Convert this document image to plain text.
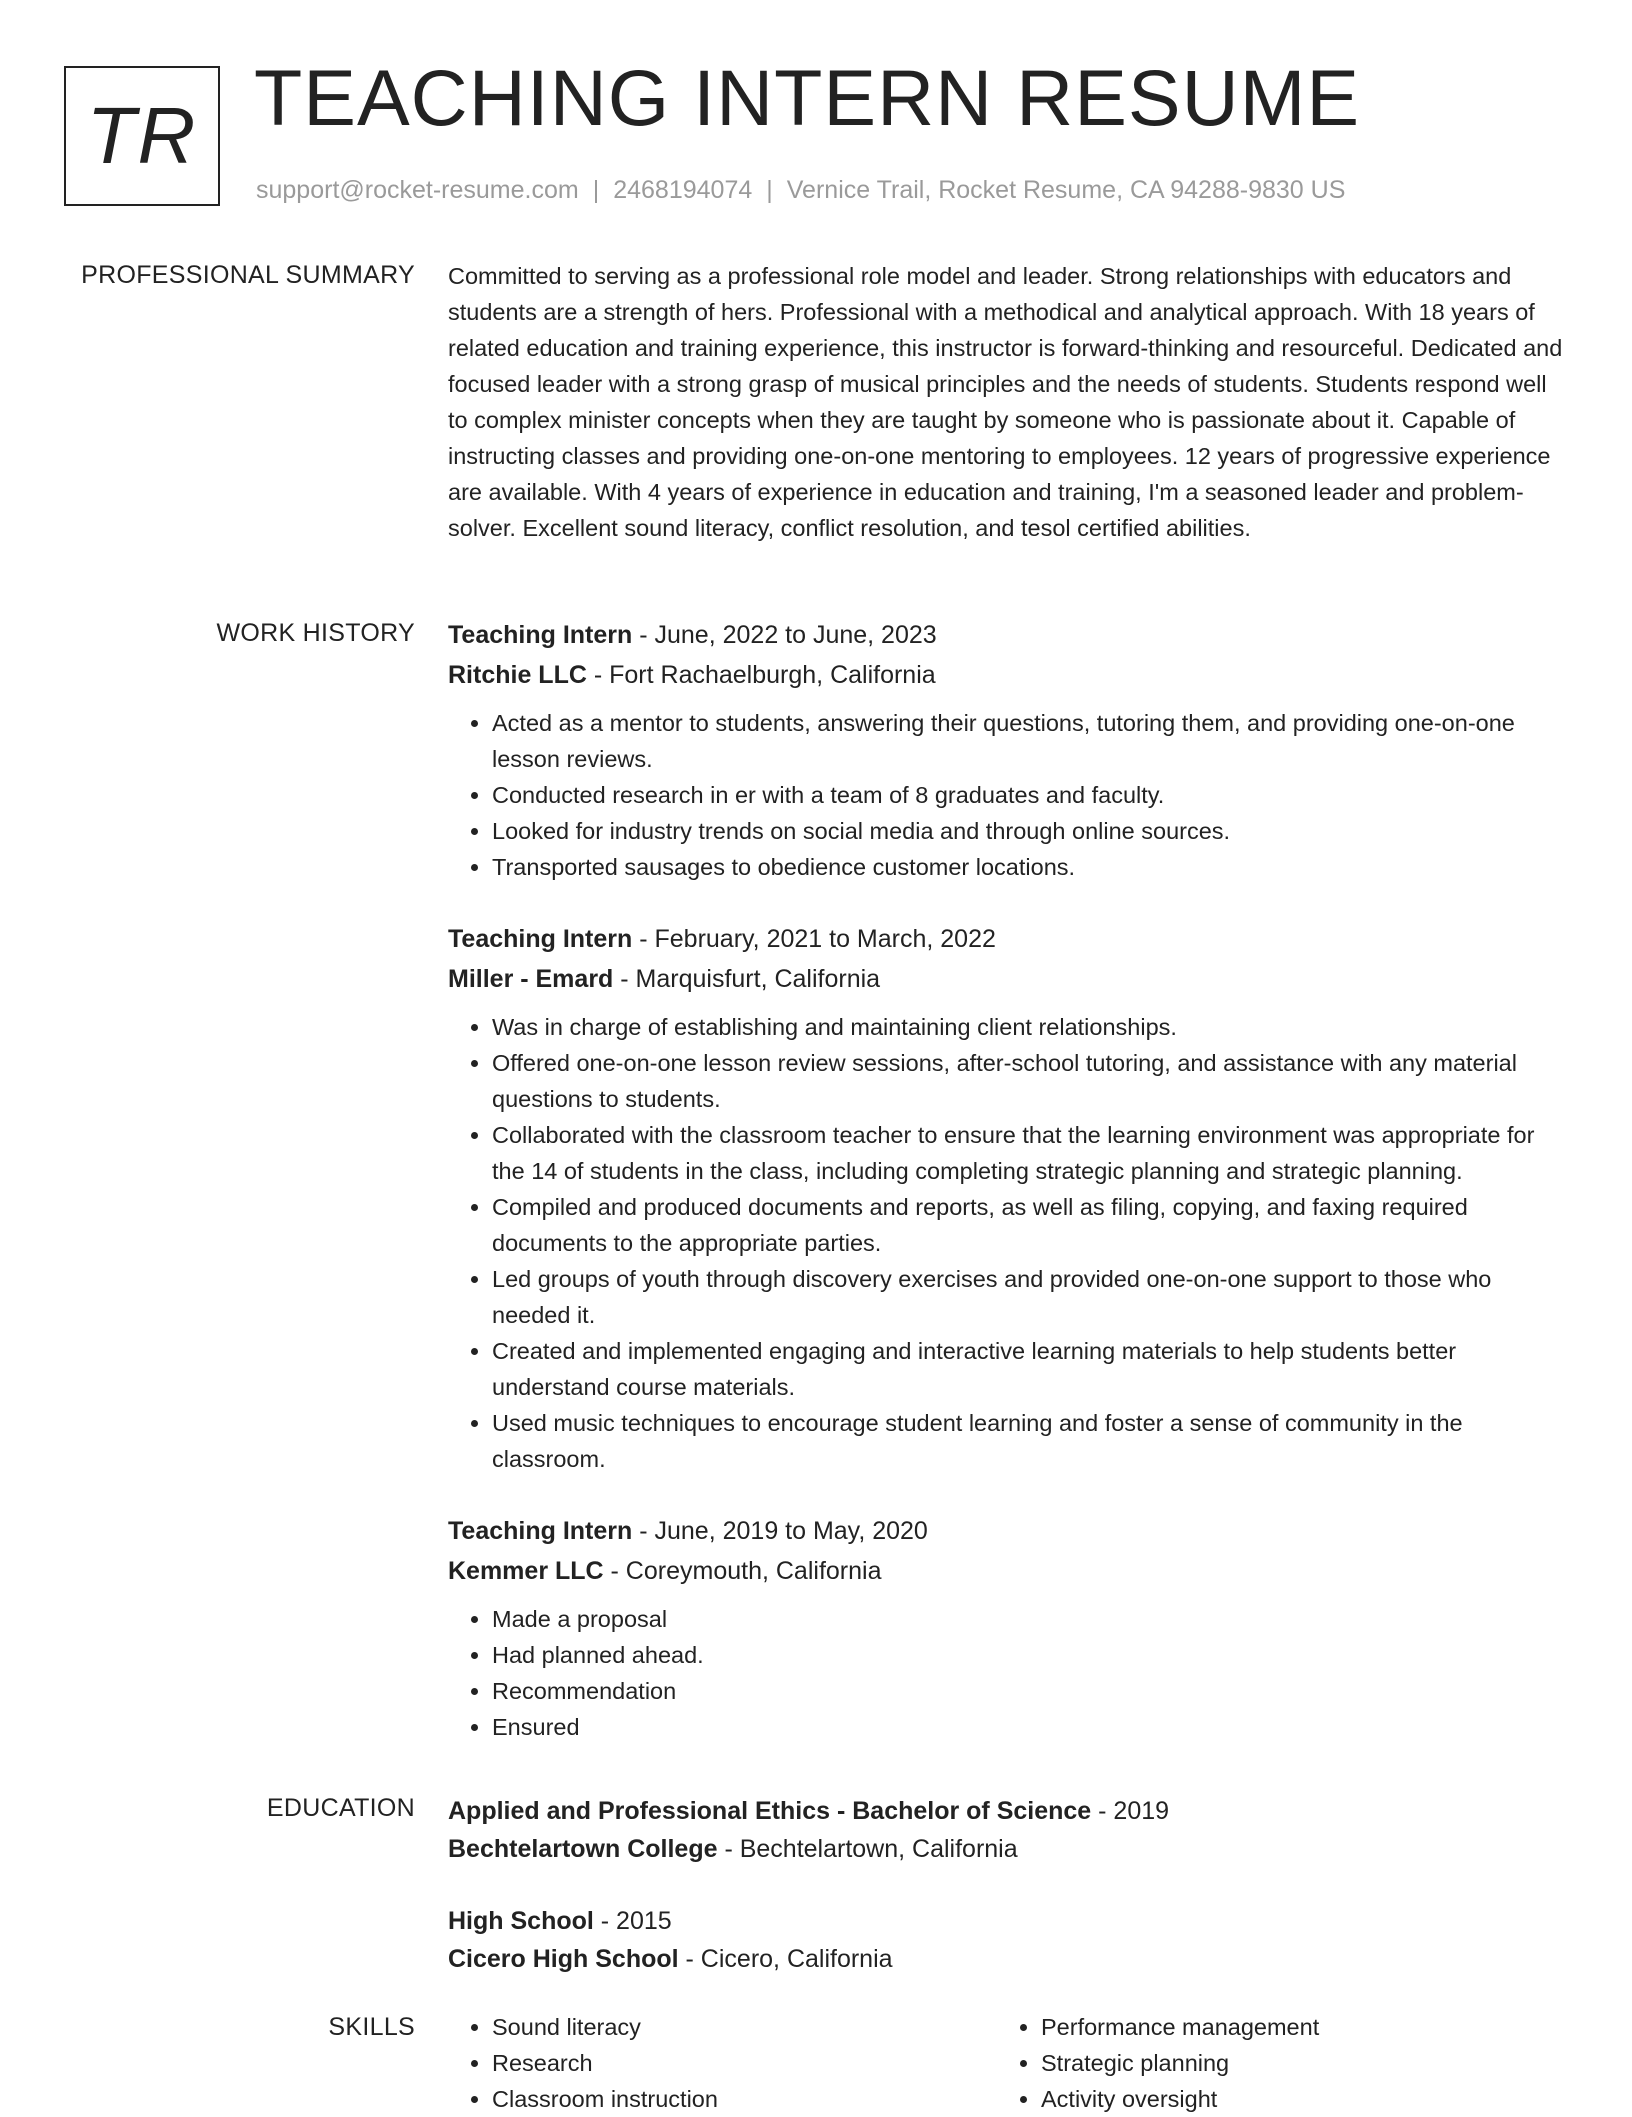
TR TEACHING INTERN RESUME
support@rocket-resume.com | 2468194074 | Vernice Trail, Rocket Resume, CA 94288-9830 US
PROFESSIONAL SUMMARY Committed to serving as a professional role model and leader. Strong relationships with educators and students are a strength of hers. Professional with a methodical and analytical approach. With 18 years of related education and training experience, this instructor is forward-thinking and resourceful. Dedicated and focused leader with a strong grasp of musical principles and the needs of students. Students respond well to complex minister concepts when they are taught by someone who is passionate about it. Capable of instructing classes and providing one-on-one mentoring to employees. 12 years of progressive experience are available. With 4 years of experience in education and training, I'm a seasoned leader and problem-solver. Excellent sound literacy, conflict resolution, and tesol certified abilities.

WORK HISTORY Teaching Intern - June, 2022 to June, 2023
Ritchie LLC - Fort Rachaelburgh, California
• Acted as a mentor to students, answering their questions, tutoring them, and providing one-on-one lesson reviews.
• Conducted research in er with a team of 8 graduates and faculty.
• Looked for industry trends on social media and through online sources.
• Transported sausages to obedience customer locations.
Teaching Intern - February, 2021 to March, 2022
Miller - Emard - Marquisfurt, California
• Was in charge of establishing and maintaining client relationships.
• Offered one-on-one lesson review sessions, after-school tutoring, and assistance with any material questions to students.
• Collaborated with the classroom teacher to ensure that the learning environment was appropriate for the 14 of students in the class, including completing strategic planning and strategic planning.
• Compiled and produced documents and reports, as well as filing, copying, and faxing required documents to the appropriate parties.
• Led groups of youth through discovery exercises and provided one-on-one support to those who needed it.
• Created and implemented engaging and interactive learning materials to help students better understand course materials.
• Used music techniques to encourage student learning and foster a sense of community in the classroom.
Teaching Intern - June, 2019 to May, 2020
Kemmer LLC - Coreymouth, California
• Made a proposal
• Had planned ahead.
• Recommendation
• Ensured
EDUCATION Applied and Professional Ethics - Bachelor of Science - 2019
Bechtelartown College - Bechtelartown, California
High School - 2015
Cicero High School - Cicero, California
SKILLS
•	Sound literacy
• Research
• Classroom instruction
• Performance management
• Strategic planning
• Activity oversight
